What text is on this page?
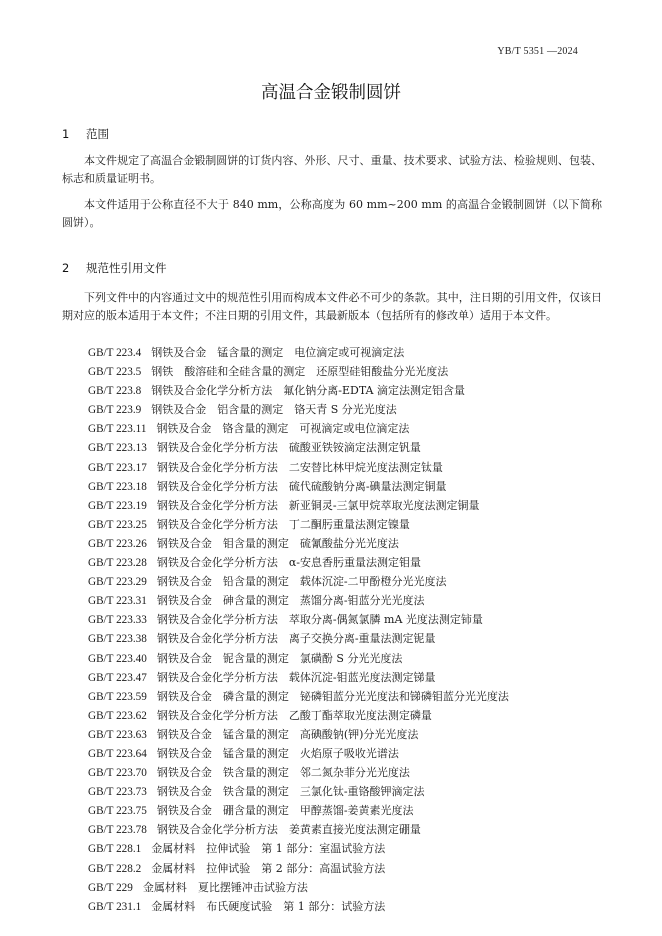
YB/T 5351 —2024
高温合金锻制圆饼
1 范围

本文件规定了高温合金锻制圆饼的订货内容、外形、尺寸、重量、技术要求、试验方法、检验规则、包装、标志和质量证明书。

本文件适用于公称直径不大于 840 mm，公称高度为 60 mm~200 mm 的高温合金锻制圆饼（以下简称圆饼）。

2 规范性引用文件

下列文件中的内容通过文中的规范性引用而构成本文件必不可少的条款。其中，注日期的引用文件，仅该日期对应的版本适用于本文件；不注日期的引用文件，其最新版本（包括所有的修改单）适用于本文件。

GB/T 223.4 钢铁及合金　锰含量的测定　电位滴定或可视滴定法
GB/T 223.5 钢铁　酸溶硅和全硅含量的测定　还原型硅钼酸盐分光光度法
GB/T 223.8 钢铁及合金化学分析方法　氟化钠分离-EDTA 滴定法测定铝含量
GB/T 223.9 钢铁及合金　铝含量的测定　铬天青 S 分光光度法
GB/T 223.11 钢铁及合金　铬含量的测定　可视滴定或电位滴定法
GB/T 223.13 钢铁及合金化学分析方法　硫酸亚铁铵滴定法测定钒量
GB/T 223.17 钢铁及合金化学分析方法　二安替比林甲烷光度法测定钛量
GB/T 223.18 钢铁及合金化学分析方法　硫代硫酸钠分离-碘量法测定铜量
GB/T 223.19 钢铁及合金化学分析方法　新亚铜灵-三氯甲烷萃取光度法测定铜量
GB/T 223.25 钢铁及合金化学分析方法　丁二酮肟重量法测定镍量
GB/T 223.26 钢铁及合金　钼含量的测定　硫氰酸盐分光光度法
GB/T 223.28 钢铁及合金化学分析方法　α-安息香肟重量法测定钼量
GB/T 223.29 钢铁及合金　铅含量的测定　载体沉淀-二甲酚橙分光光度法
GB/T 223.31 钢铁及合金　砷含量的测定　蒸馏分离-钼蓝分光光度法
GB/T 223.33 钢铁及合金化学分析方法　萃取分离-偶氮氯膦 mA 光度法测定铈量
GB/T 223.38 钢铁及合金化学分析方法　离子交换分离-重量法测定铌量
GB/T 223.40 钢铁及合金　铌含量的测定　氯磺酚 S 分光光度法
GB/T 223.47 钢铁及合金化学分析方法　载体沉淀-钼蓝光度法测定锑量
GB/T 223.59 钢铁及合金　磷含量的测定　铋磷钼蓝分光光度法和锑磷钼蓝分光光度法
GB/T 223.62 钢铁及合金化学分析方法　乙酸丁酯萃取光度法测定磷量
GB/T 223.63 钢铁及合金　锰含量的测定　高碘酸钠(钾)分光光度法
GB/T 223.64 钢铁及合金　锰含量的测定　火焰原子吸收光谱法
GB/T 223.70 钢铁及合金　铁含量的测定　邻二氮杂菲分光光度法
GB/T 223.73 钢铁及合金　铁含量的测定　三氯化钛-重铬酸钾滴定法
GB/T 223.75 钢铁及合金　硼含量的测定　甲醇蒸馏-姜黄素光度法
GB/T 223.78 钢铁及合金化学分析方法　姜黄素直接光度法测定硼量
GB/T 228.1 金属材料　拉伸试验　第 1 部分：室温试验方法
GB/T 228.2 金属材料　拉伸试验　第 2 部分：高温试验方法
GB/T 229 金属材料　夏比摆锤冲击试验方法
GB/T 231.1 金属材料　布氏硬度试验　第 1 部分：试验方法
